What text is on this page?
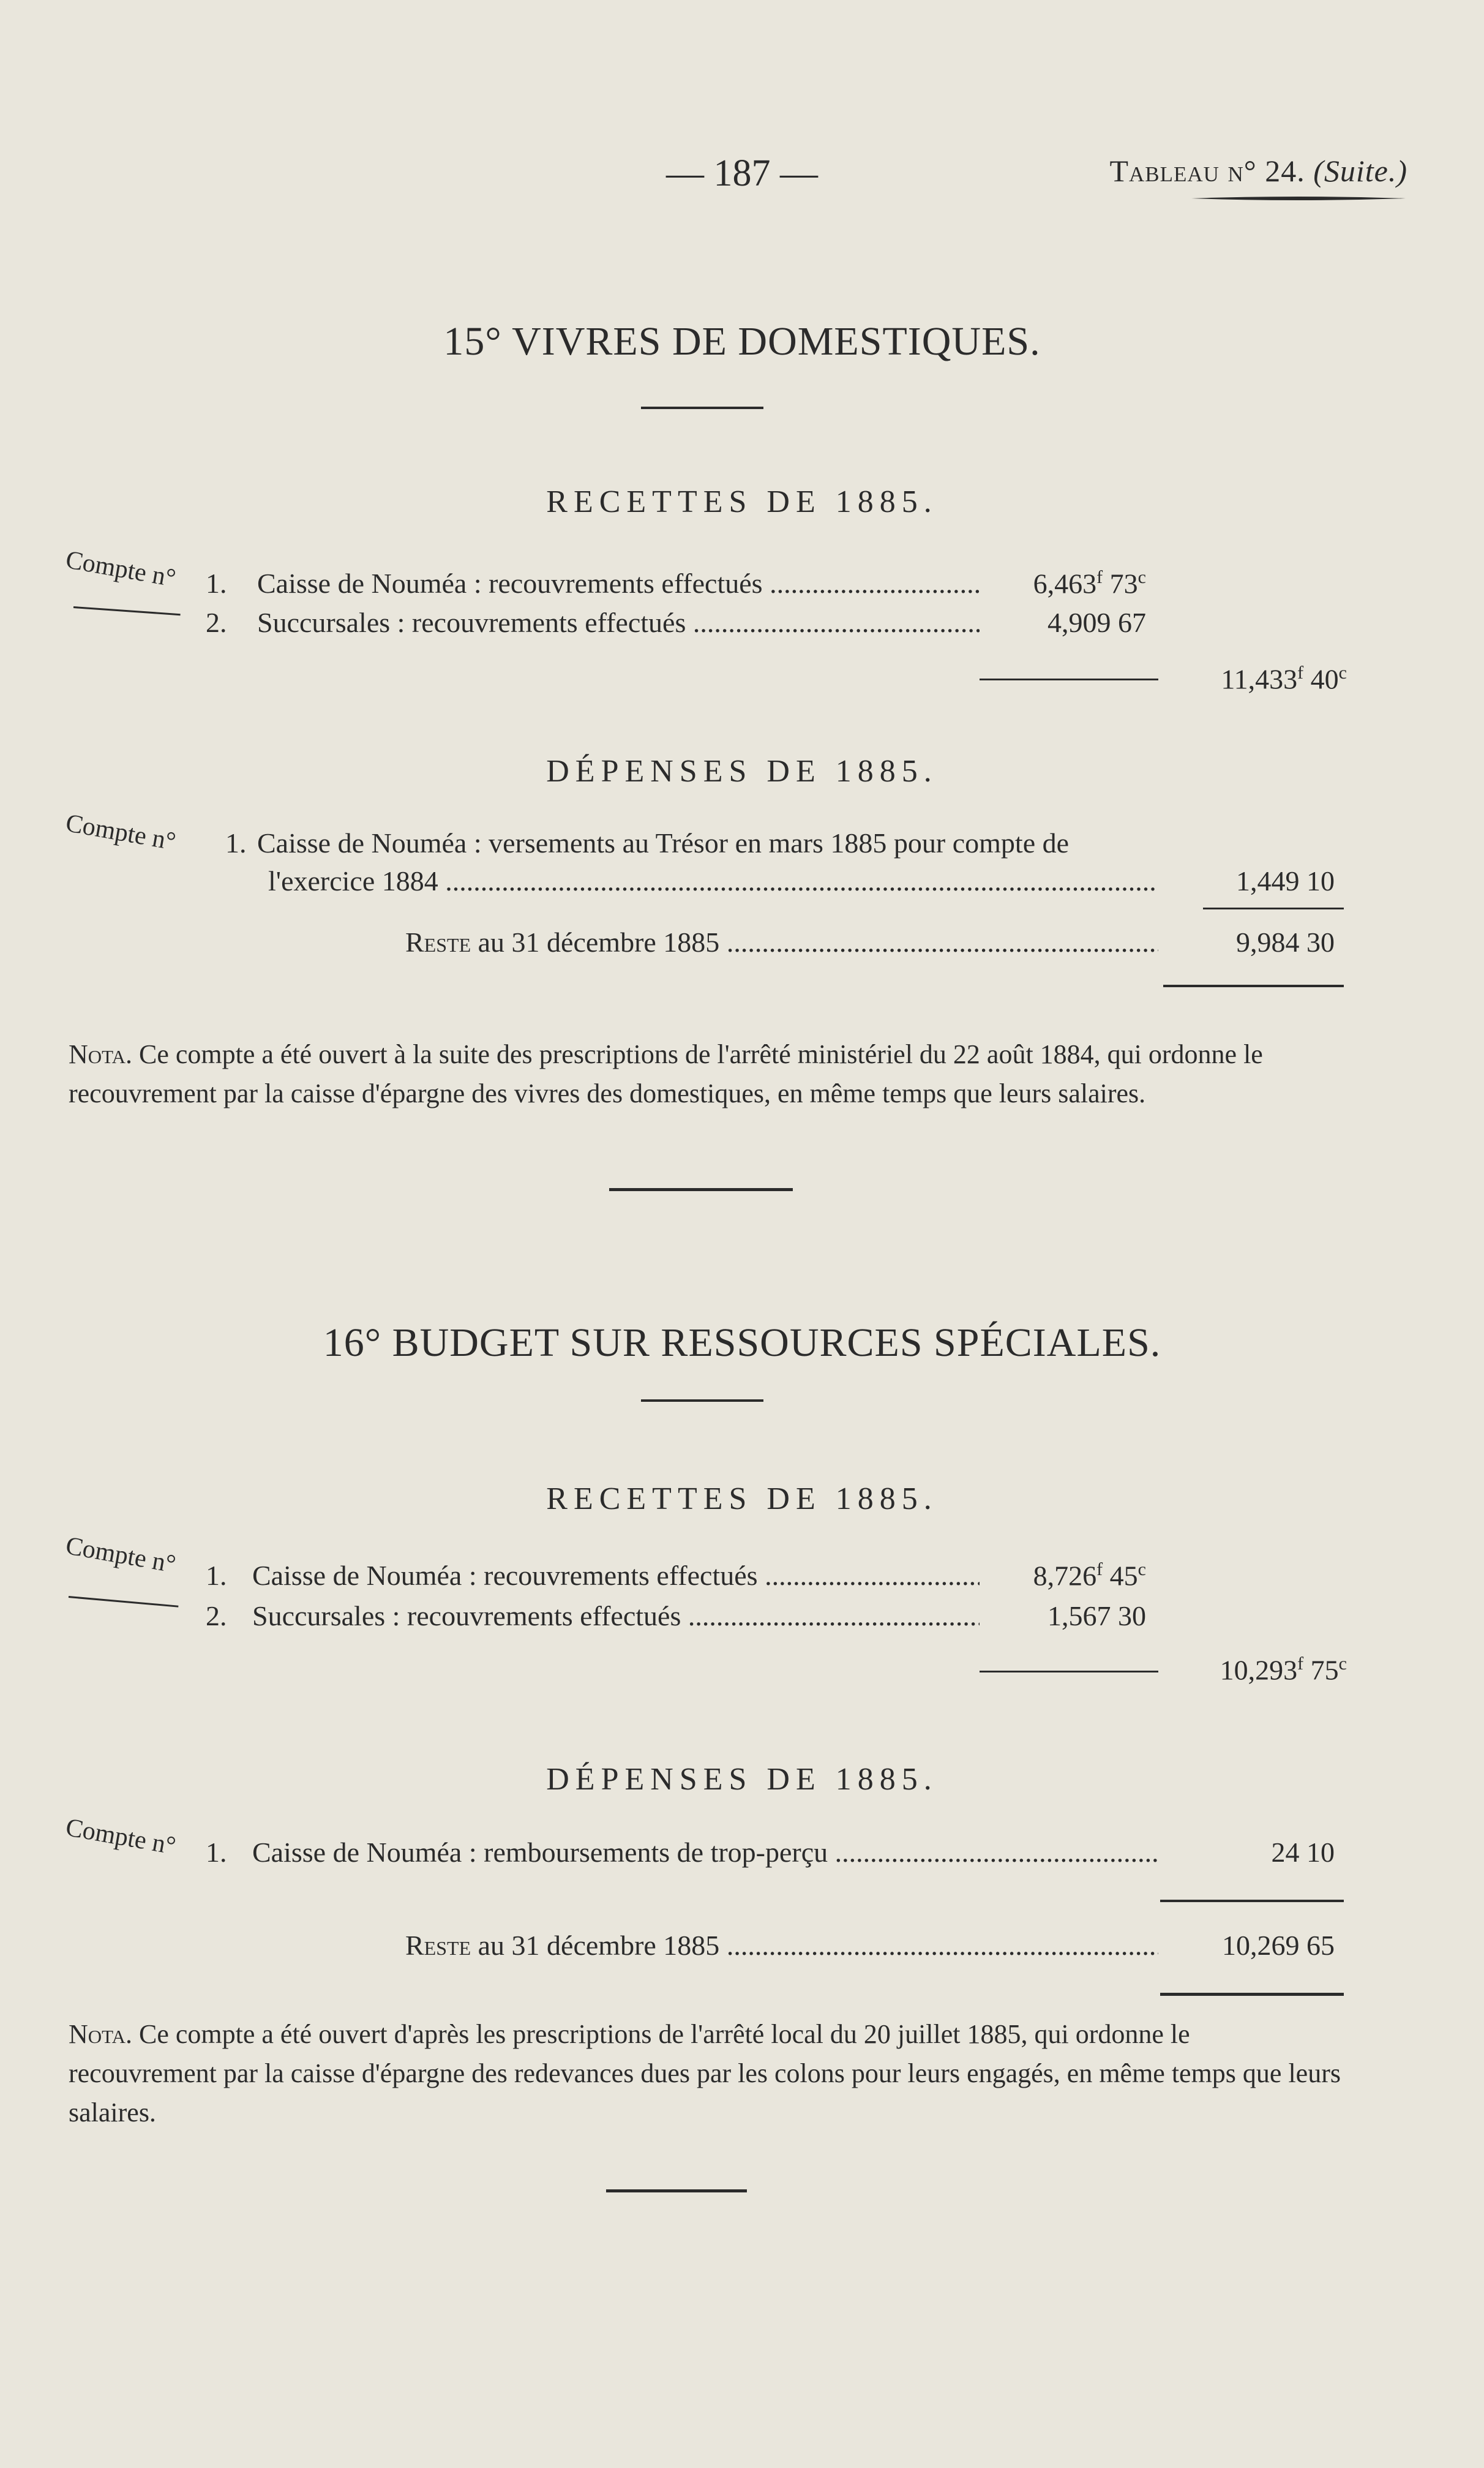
— 187 —	Tableau n° 24. (Suite.)
15° VIVRES DE DOMESTIQUES.
RECETTES DE 1885.
Compte n° 1. Caisse de Nouméa : recouvrements effectués .....	6,463$^f$ 73$^c$
2. Succursales : recouvrements effectués .....	4,909 67
11,433$^f$ 40$^c$
DÉPENSES DE 1885.
Compte n° 1. Caisse de Nouméa : versements au Trésor en mars 1885 pour compte de
l'exercice 1884 .....	1,449 10
Reste au 31 décembre 1885 .....	9,984 30
Nota. Ce compte a été ouvert à la suite des prescriptions de l'arrêté ministériel du 22 août 1884, qui ordonne le recouvrement par la caisse d'épargne des vivres des domestiques, en même temps que leurs salaires.
16° BUDGET SUR RESSOURCES SPÉCIALES.
RECETTES DE 1885.
Compte n° 1. Caisse de Nouméa : recouvrements effectués .....	8,726$^f$ 45$^c$
2. Succursales : recouvrements effectués .....	1,567 30
10,293$^f$ 75$^c$
DÉPENSES DE 1885.
Compte n° 1. Caisse de Nouméa : remboursements de trop-perçu .....	24 10
Reste au 31 décembre 1885 .....	10,269 65
Nota. Ce compte a été ouvert d'après les prescriptions de l'arrêté local du 20 juillet 1885, qui ordonne le recouvrement par la caisse d'épargne des redevances dues par les colons pour leurs engagés, en même temps que leurs salaires.
